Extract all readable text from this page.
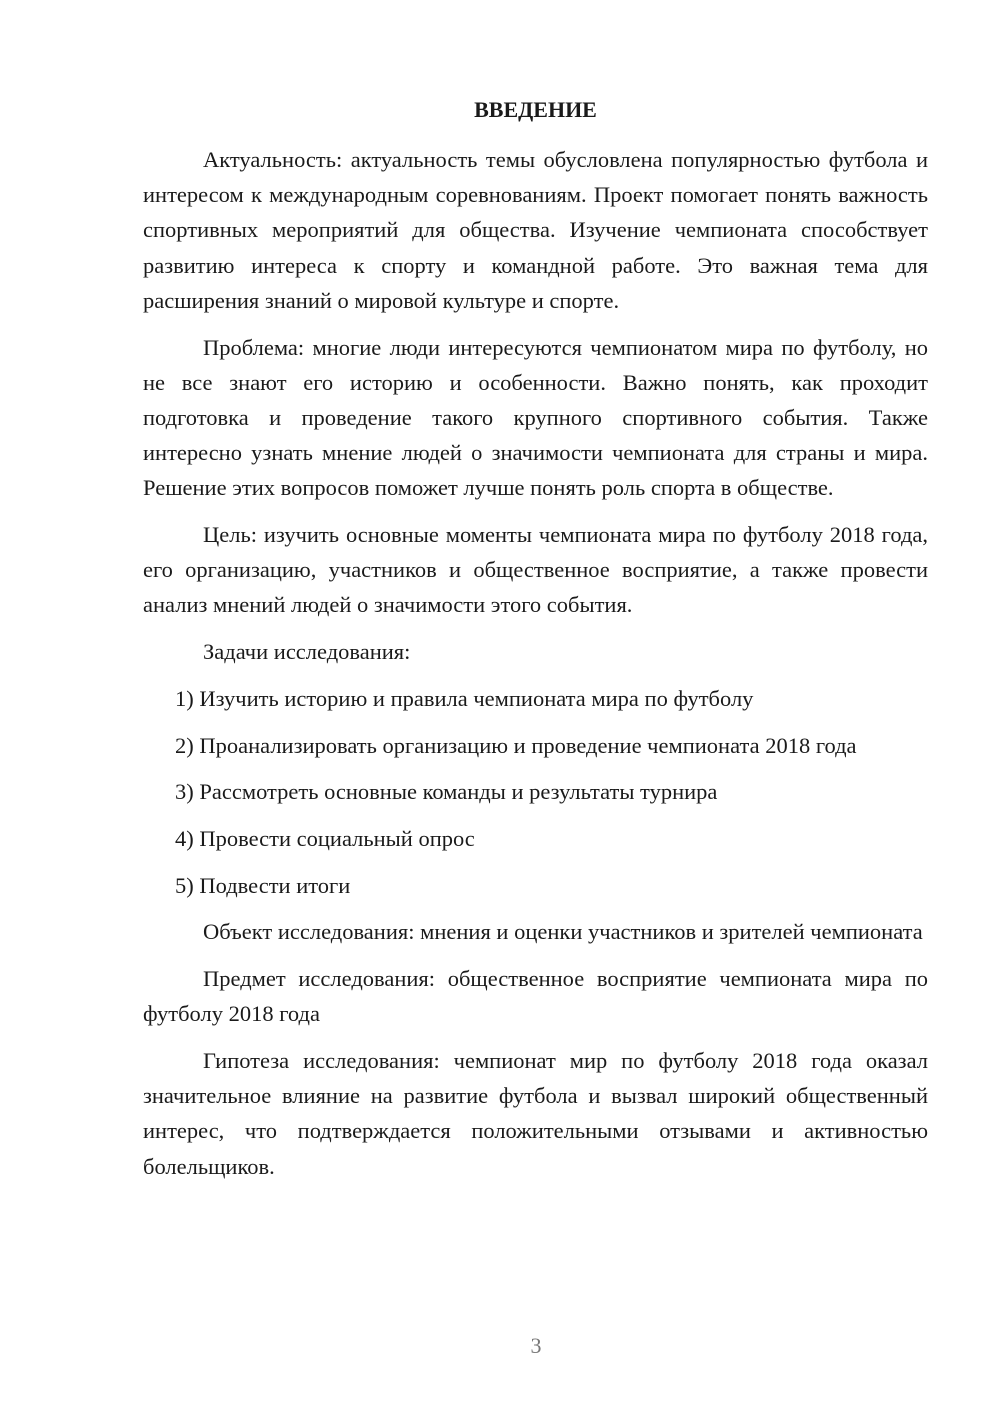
ВВЕДЕНИЕ

Актуальность: актуальность темы обусловлена популярностью футбола и интересом к международным соревнованиям. Проект помогает понять важность спортивных мероприятий для общества. Изучение чемпионата способствует развитию интереса к спорту и командной работе. Это важная тема для расширения знаний о мировой культуре и спорте.

Проблема: многие люди интересуются чемпионатом мира по футболу, но не все знают его историю и особенности. Важно понять, как проходит подготовка и проведение такого крупного спортивного события. Также интересно узнать мнение людей о значимости чемпионата для страны и мира. Решение этих вопросов поможет лучше понять роль спорта в обществе.

Цель: изучить основные моменты чемпионата мира по футболу 2018 года, его организацию, участников и общественное восприятие, а также провести анализ мнений людей о значимости этого события.

Задачи исследования:

1) Изучить историю и правила чемпионата мира по футболу

2) Проанализировать организацию и проведение чемпионата 2018 года

3) Рассмотреть основные команды и результаты турнира

4) Провести социальный опрос

5) Подвести итоги

Объект исследования: мнения и оценки участников и зрителей чемпионата

Предмет исследования: общественное восприятие чемпионата мира по футболу 2018 года

Гипотеза исследования: чемпионат мир по футболу 2018 года оказал значительное влияние на развитие футбола и вызвал широкий общественный интерес, что подтверждается положительными отзывами и активностью болельщиков.

3
